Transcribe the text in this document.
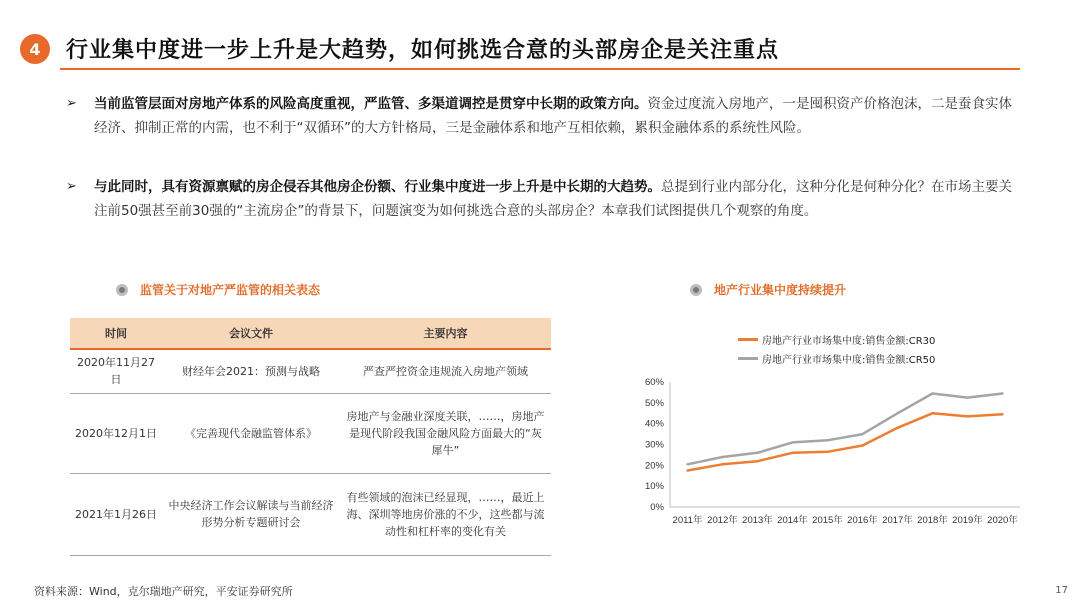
4	行业集中度进一步上升是大趋势，如何挑选合意的头部房企是关注重点
➢ 当前监管层面对房地产体系的风险高度重视，严监管、多渠道调控是贯穿中长期的政策方向。资金过度流入房地产，一是囤积资产价格泡沫，二是蚕食实体经济、抑制正常的内需，也不利于“双循环”的大方针格局，三是金融体系和地产互相依赖，累积金融体系的系统性风险。
➢ 与此同时，具有资源禀赋的房企侵吞其他房企份额、行业集中度进一步上升是中长期的大趋势。总提到行业内部分化，这种分化是何种分化？在市场主要关注前50强甚至前30强的“主流房企”的背景下，问题演变为如何挑选合意的头部房企？本章我们试图提供几个观察的角度。
监管关于对地产严监管的相关表态
时间	会议文件	主要内容
2020年11月27日	财经年会2021：预测与战略	严查严控资金违规流入房地产领域
2020年12月1日	《完善现代金融监管体系》	房地产与金融业深度关联，……，房地产是现代阶段我国金融风险方面最大的“灰犀牛”
2021年1月26日	中央经济工作会议解读与当前经济形势分析专题研讨会	有些领域的泡沫已经显现，……，最近上海、深圳等地房价涨的不少，这些都与流动性和杠杆率的变化有关
地产行业集中度持续提升
房地产行业市场集中度:销售金额:CR30
房地产行业市场集中度:销售金额:CR50
0%
10%
20%
30%
40%
50%
60%
2011年 2012年 2013年 2014年 2015年 2016年 2017年 2018年 2019年 2020年
资料来源：Wind，克尔瑞地产研究，平安证券研究所	17
